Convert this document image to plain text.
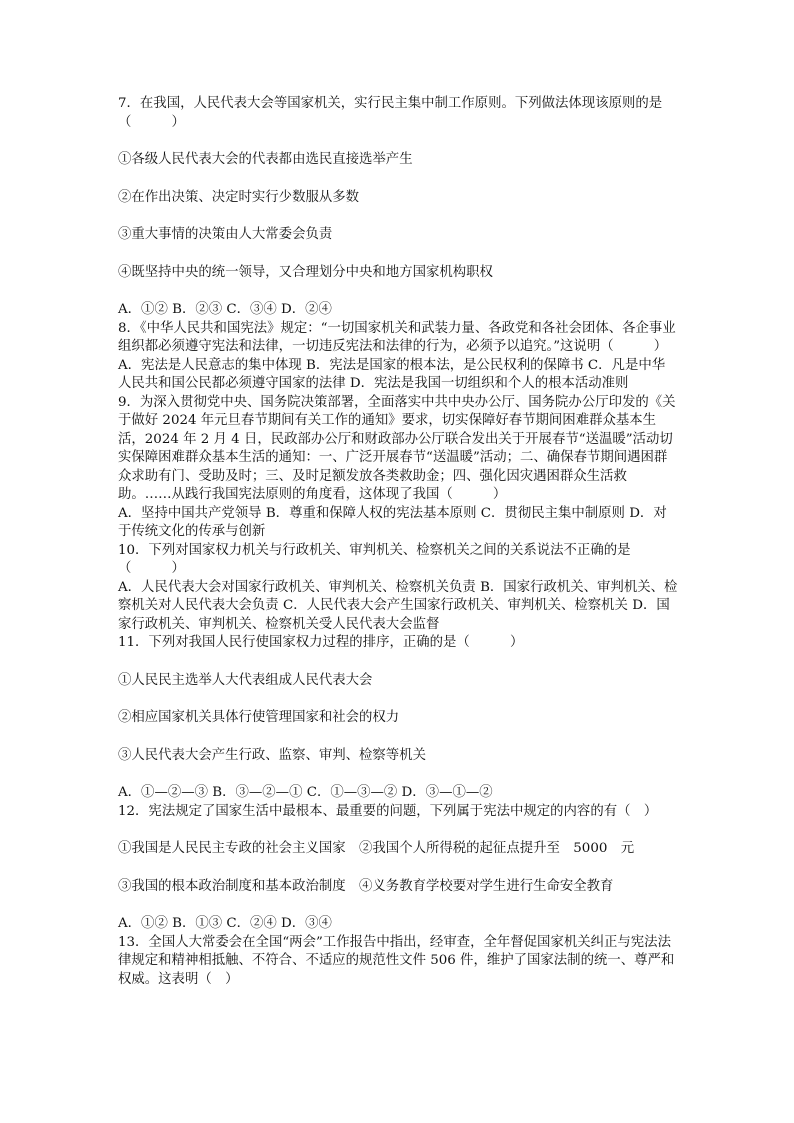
7．在我国，人民代表大会等国家机关，实行民主集中制工作原则。下列做法体现该原则的是（　　　）

①各级人民代表大会的代表都由选民直接选举产生

②在作出决策、决定时实行少数服从多数

③重大事情的决策由人大常委会负责

④既坚持中央的统一领导，又合理划分中央和地方国家机构职权

A．①② B．②③ C．③④ D．②④

8．《中华人民共和国宪法》规定：“一切国家机关和武装力量、各政党和各社会团体、各企事业组织都必须遵守宪法和法律，一切违反宪法和法律的行为，必须予以追究。”这说明（　　　）

A．宪法是人民意志的集中体现 B．宪法是国家的根本法，是公民权利的保障书 C．凡是中华人民共和国公民都必须遵守国家的法律 D．宪法是我国一切组织和个人的根本活动准则

9．为深入贯彻党中央、国务院决策部署，全面落实中共中央办公厅、国务院办公厅印发的《关于做好 2024 年元旦春节期间有关工作的通知》要求，切实保障好春节期间困难群众基本生活，2024 年 2 月 4 日，民政部办公厅和财政部办公厅联合发出关于开展春节“送温暖”活动切实保障困难群众基本生活的通知：一、广泛开展春节“送温暖”活动；二、确保春节期间遇困群众求助有门、受助及时；三、及时足额发放各类救助金；四、强化因灾遇困群众生活救助。……从践行我国宪法原则的角度看，这体现了我国（　　　）

A．坚持中国共产党领导 B．尊重和保障人权的宪法基本原则 C．贯彻民主集中制原则 D．对于传统文化的传承与创新

10．下列对国家权力机关与行政机关、审判机关、检察机关之间的关系说法不正确的是（　　　）

A．人民代表大会对国家行政机关、审判机关、检察机关负责 B．国家行政机关、审判机关、检察机关对人民代表大会负责 C．人民代表大会产生国家行政机关、审判机关、检察机关 D．国家行政机关、审判机关、检察机关受人民代表大会监督

11．下列对我国人民行使国家权力过程的排序，正确的是（　　　）

①人民民主选举人大代表组成人民代表大会

②相应国家机关具体行使管理国家和社会的权力

③人民代表大会产生行政、监察、审判、检察等机关

A．①—②—③ B．③—②—① C．①—③—② D．③—①—②

12．宪法规定了国家生活中最根本、最重要的问题，下列属于宪法中规定的内容的有（　）

①我国是人民民主专政的社会主义国家　②我国个人所得税的起征点提升至　5000　元

③我国的根本政治制度和基本政治制度　④义务教育学校要对学生进行生命安全教育

A．①② B．①③ C．②④ D．③④

13．全国人大常委会在全国“两会”工作报告中指出，经审查，全年督促国家机关纠正与宪法法律规定和精神相抵触、不符合、不适应的规范性文件 506 件，维护了国家法制的统一、尊严和权威。这表明（　）
